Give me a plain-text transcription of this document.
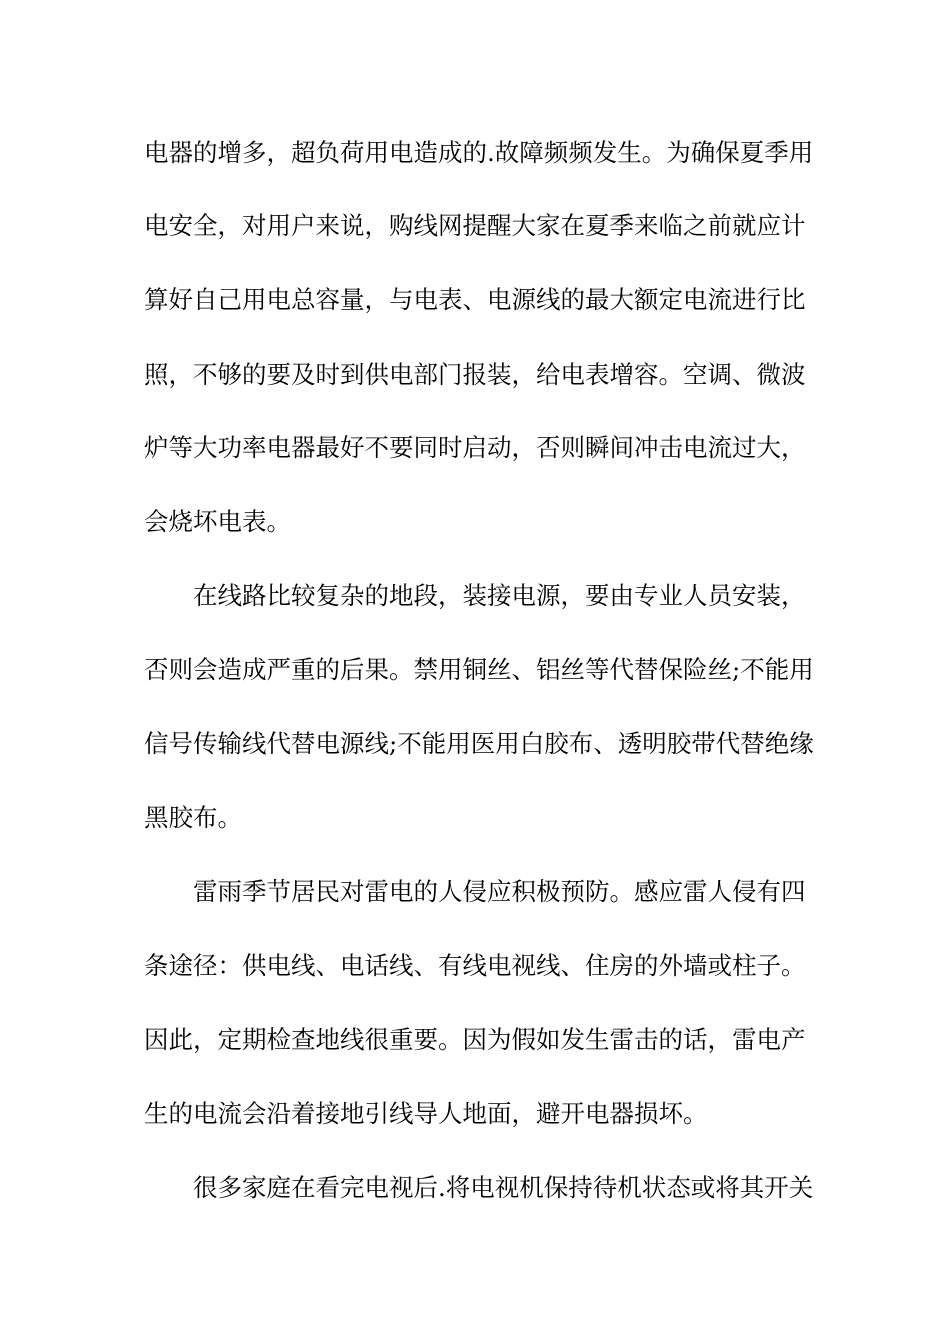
电器的增多，超负荷用电造成的.故障频频发生。为确保夏季用
电安全，对用户来说，购线网提醒大家在夏季来临之前就应计
算好自己用电总容量，与电表、电源线的最大额定电流进行比
照，不够的要及时到供电部门报装，给电表增容。空调、微波
炉等大功率电器最好不要同时启动，否则瞬间冲击电流过大，
会烧坏电表。
在线路比较复杂的地段，装接电源，要由专业人员安装，
否则会造成严重的后果。禁用铜丝、铝丝等代替保险丝;不能用
信号传输线代替电源线;不能用医用白胶布、透明胶带代替绝缘
黑胶布。
雷雨季节居民对雷电的人侵应积极预防。感应雷人侵有四
条途径：供电线、电话线、有线电视线、住房的外墙或柱子。
因此，定期检查地线很重要。因为假如发生雷击的话，雷电产
生的电流会沿着接地引线导人地面，避开电器损坏。
很多家庭在看完电视后.将电视机保持待机状态或将其开关
